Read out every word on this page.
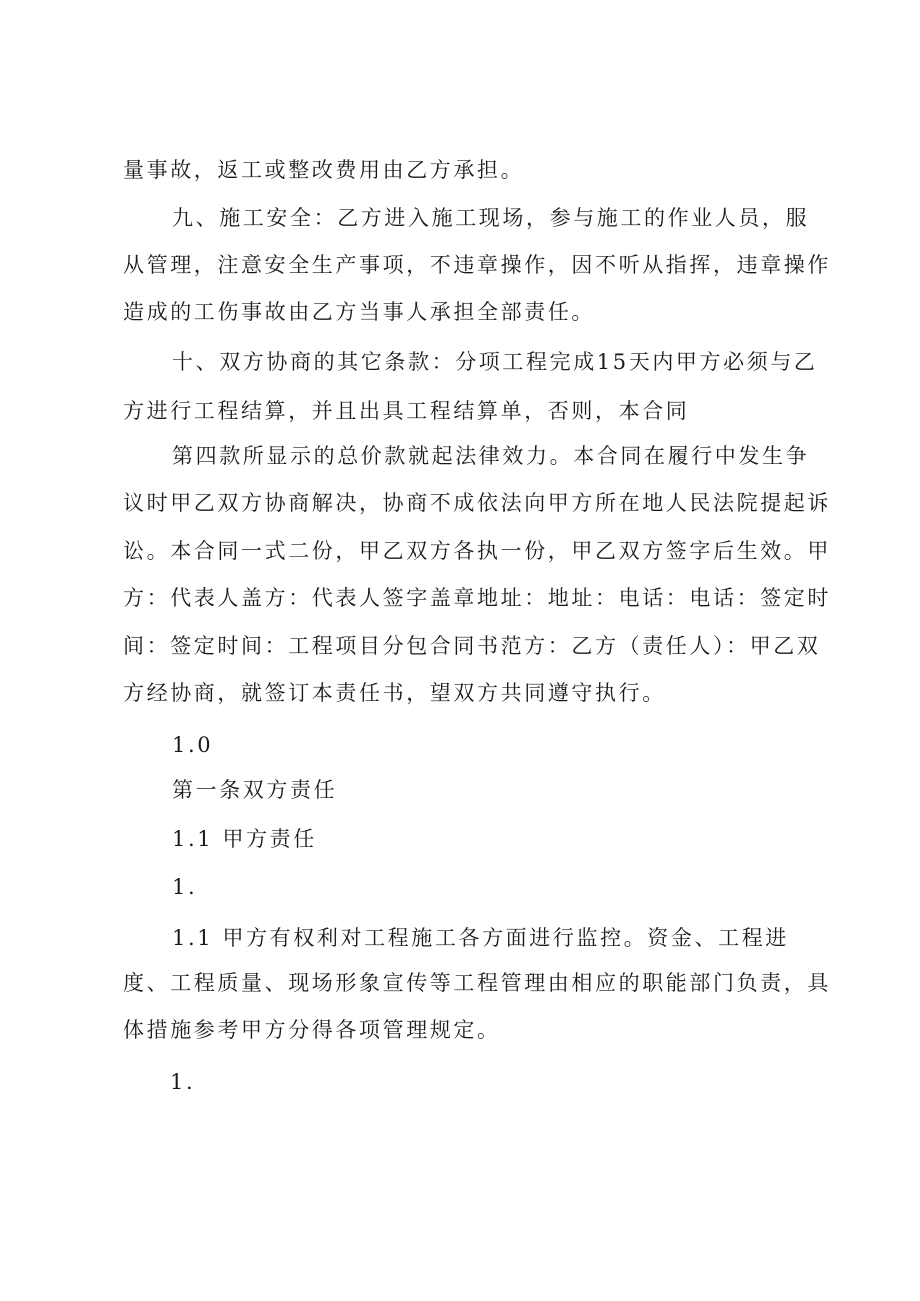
量事故，返工或整改费用由乙方承担。
九、施工安全：乙方进入施工现场，参与施工的作业人员，服
从管理，注意安全生产事项，不违章操作，因不听从指挥，违章操作
造成的工伤事故由乙方当事人承担全部责任。
十、双方协商的其它条款：分项工程完成15天内甲方必须与乙
方进行工程结算，并且出具工程结算单，否则，本合同
第四款所显示的总价款就起法律效力。本合同在履行中发生争
议时甲乙双方协商解决，协商不成依法向甲方所在地人民法院提起诉
讼。本合同一式二份，甲乙双方各执一份，甲乙双方签字后生效。甲
方：代表人盖方：代表人签字盖章地址：地址：电话：电话：签定时
间：签定时间：工程项目分包合同书范方：乙方（责任人）：甲乙双
方经协商，就签订本责任书，望双方共同遵守执行。
1.0
第一条双方责任
1.1 甲方责任
1.
1.1 甲方有权利对工程施工各方面进行监控。资金、工程进
度、工程质量、现场形象宣传等工程管理由相应的职能部门负责，具
体措施参考甲方分得各项管理规定。
1.
